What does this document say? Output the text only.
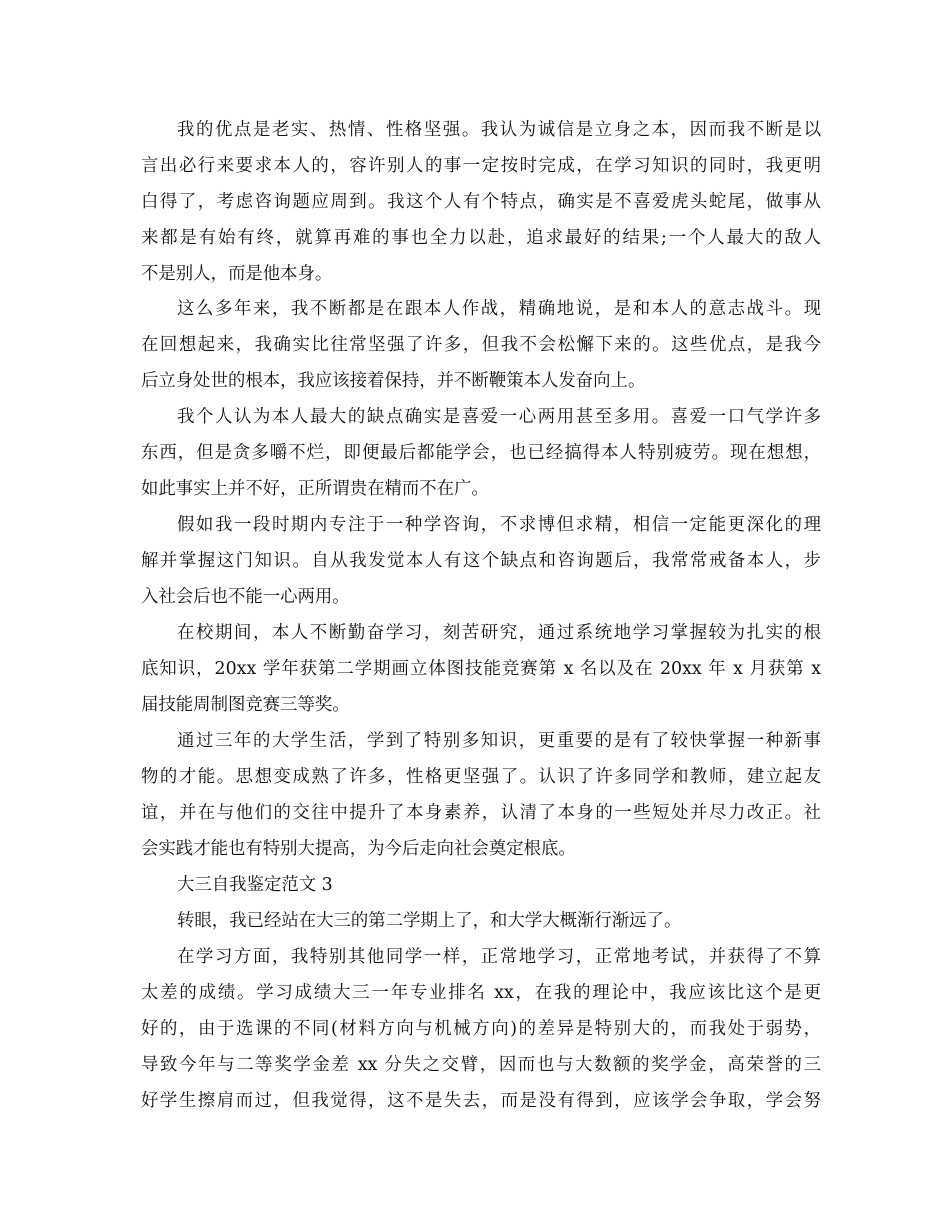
我的优点是老实、热情、性格坚强。我认为诚信是立身之本，因而我不断是以
言出必行来要求本人的，容许别人的事一定按时完成，在学习知识的同时，我更明
白得了，考虑咨询题应周到。我这个人有个特点，确实是不喜爱虎头蛇尾，做事从
来都是有始有终，就算再难的事也全力以赴，追求最好的结果;一个人最大的敌人
不是别人，而是他本身。
这么多年来，我不断都是在跟本人作战，精确地说，是和本人的意志战斗。现
在回想起来，我确实比往常坚强了许多，但我不会松懈下来的。这些优点，是我今
后立身处世的根本，我应该接着保持，并不断鞭策本人发奋向上。
我个人认为本人最大的缺点确实是喜爱一心两用甚至多用。喜爱一口气学许多
东西，但是贪多嚼不烂，即便最后都能学会，也已经搞得本人特别疲劳。现在想想，
如此事实上并不好，正所谓贵在精而不在广。
假如我一段时期内专注于一种学咨询，不求博但求精，相信一定能更深化的理
解并掌握这门知识。自从我发觉本人有这个缺点和咨询题后，我常常戒备本人，步
入社会后也不能一心两用。
在校期间，本人不断勤奋学习，刻苦研究，通过系统地学习掌握较为扎实的根
底知识，20xx 学年获第二学期画立体图技能竞赛第 x 名以及在 20xx 年 x 月获第 x
届技能周制图竞赛三等奖。
通过三年的大学生活，学到了特别多知识，更重要的是有了较快掌握一种新事
物的才能。思想变成熟了许多，性格更坚强了。认识了许多同学和教师，建立起友
谊，并在与他们的交往中提升了本身素养，认清了本身的一些短处并尽力改正。社
会实践才能也有特别大提高，为今后走向社会奠定根底。
大三自我鉴定范文 3
转眼，我已经站在大三的第二学期上了，和大学大概渐行渐远了。
在学习方面，我特别其他同学一样，正常地学习，正常地考试，并获得了不算
太差的成绩。学习成绩大三一年专业排名 xx，在我的理论中，我应该比这个是更
好的，由于选课的不同(材料方向与机械方向)的差异是特别大的，而我处于弱势，
导致今年与二等奖学金差 xx 分失之交臂，因而也与大数额的奖学金，高荣誉的三
好学生擦肩而过，但我觉得，这不是失去，而是没有得到，应该学会争取，学会努
